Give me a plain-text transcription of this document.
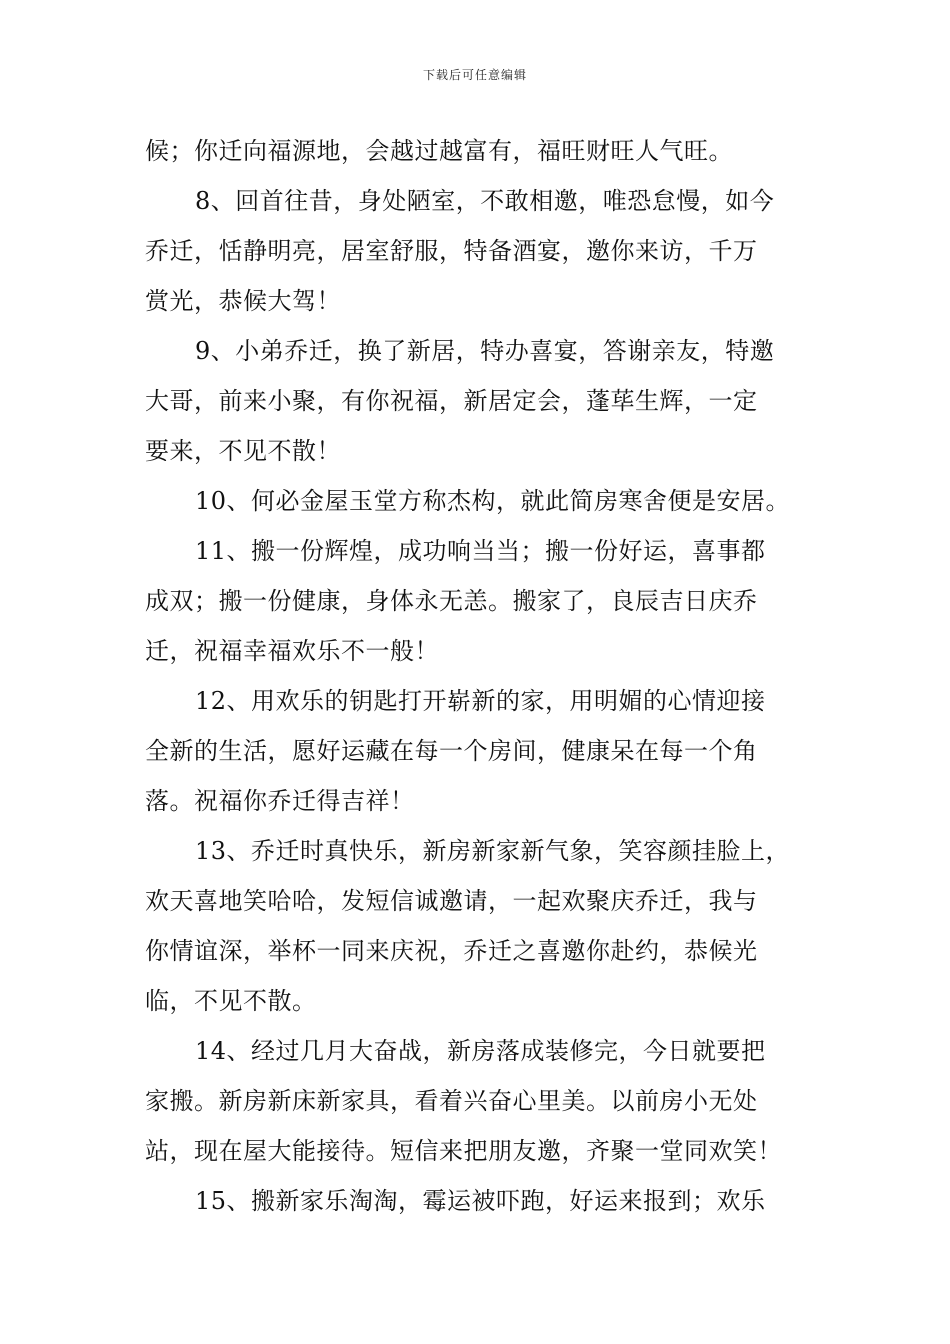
下载后可任意编辑
候；你迁向福源地，会越过越富有，福旺财旺人气旺。
8、回首往昔，身处陋室，不敢相邀，唯恐怠慢，如今
乔迁，恬静明亮，居室舒服，特备酒宴，邀你来访，千万
赏光，恭候大驾！
9、小弟乔迁，换了新居，特办喜宴，答谢亲友，特邀
大哥，前来小聚，有你祝福，新居定会，蓬荜生辉，一定
要来，不见不散！
10、何必金屋玉堂方称杰构，就此简房寒舍便是安居。
11、搬一份辉煌，成功响当当；搬一份好运，喜事都
成双；搬一份健康，身体永无恙。搬家了，良辰吉日庆乔
迁，祝福幸福欢乐不一般！
12、用欢乐的钥匙打开崭新的家，用明媚的心情迎接
全新的生活，愿好运藏在每一个房间，健康呆在每一个角
落。祝福你乔迁得吉祥！
13、乔迁时真快乐，新房新家新气象，笑容颜挂脸上，
欢天喜地笑哈哈，发短信诚邀请，一起欢聚庆乔迁，我与
你情谊深，举杯一同来庆祝，乔迁之喜邀你赴约，恭候光
临，不见不散。
14、经过几月大奋战，新房落成装修完，今日就要把
家搬。新房新床新家具，看着兴奋心里美。以前房小无处
站，现在屋大能接待。短信来把朋友邀，齐聚一堂同欢笑！
15、搬新家乐淘淘，霉运被吓跑，好运来报到；欢乐
